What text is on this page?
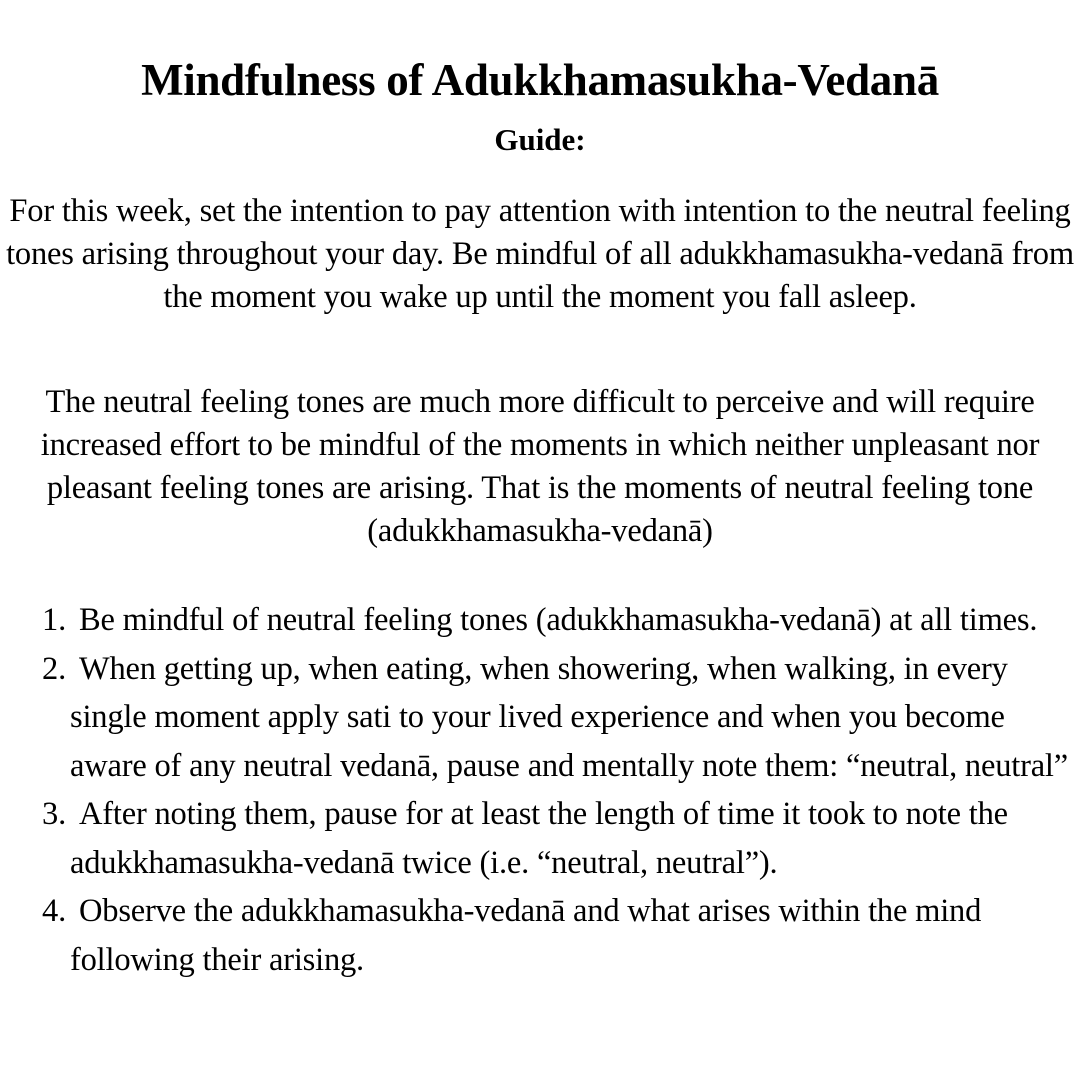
Mindfulness of Adukkhamasukha-Vedanā
Guide:
For this week, set the intention to pay attention with intention to the neutral feeling tones arising throughout your day. Be mindful of all adukkhamasukha-vedanā from the moment you wake up until the moment you fall asleep.
The neutral feeling tones are much more difficult to perceive and will require increased effort to be mindful of the moments in which neither unpleasant nor pleasant feeling tones are arising. That is the moments of neutral feeling tone (adukkhamasukha-vedanā)
1. Be mindful of neutral feeling tones (adukkhamasukha-vedanā) at all times.
2. When getting up, when eating, when showering, when walking, in every single moment apply sati to your lived experience and when you become aware of any neutral vedanā, pause and mentally note them: “neutral, neutral”
3. After noting them, pause for at least the length of time it took to note the adukkhamasukha-vedanā twice (i.e. “neutral, neutral”).
4. Observe the adukkhamasukha-vedanā and what arises within the mind following their arising.
